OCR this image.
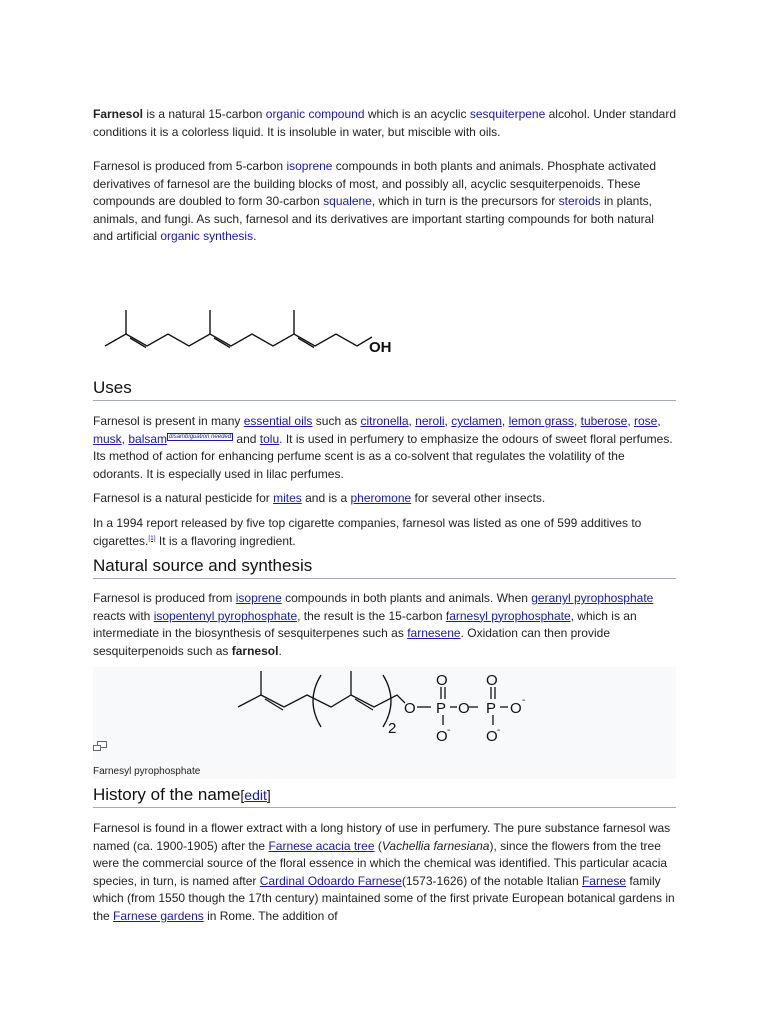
Farnesol is a natural 15-carbon organic compound which is an acyclic sesquiterpene alcohol. Under standard conditions it is a colorless liquid. It is insoluble in water, but miscible with oils.

Farnesol is produced from 5-carbon isoprene compounds in both plants and animals. Phosphate activated derivatives of farnesol are the building blocks of most, and possibly all, acyclic sesquiterpenoids. These compounds are doubled to form 30-carbon squalene, which in turn is the precursors for steroids in plants, animals, and fungi. As such, farnesol and its derivatives are important starting compounds for both natural and artificial organic synthesis.

OH
Uses

Farnesol is present in many essential oils such as citronella, neroli, cyclamen, lemon grass, tuberose, rose, musk, balsam $^{disambiguation needed}$ and tolu. It is used in perfumery to emphasize the odours of sweet floral perfumes. Its method of action for enhancing perfume scent is as a co-solvent that regulates the volatility of the odorants. It is especially used in lilac perfumes.

Farnesol is a natural pesticide for mites and is a pheromone for several other insects.

In a 1994 report released by five top cigarette companies, farnesol was listed as one of 599 additives to cigarettes.[1] It is a flavoring ingredient.

Natural source and synthesis

Farnesol is produced from isoprene compounds in both plants and animals. When geranyl pyrophosphate reacts with isopentenyl pyrophosphate, the result is the 15-carbon farnesyl pyrophosphate, which is an intermediate in the biosynthesis of sesquiterpenes such as farnesene. Oxidation can then provide sesquiterpenoids such as farnesol.

O P
O
O -
O P
O
O -
O -
2
Farnesyl pyrophosphate
History of the name[edit]

Farnesol is found in a flower extract with a long history of use in perfumery. The pure substance farnesol was named (ca. 1900-1905) after the Farnese acacia tree (Vachellia farnesiana), since the flowers from the tree were the commercial source of the floral essence in which the chemical was identified. This particular acacia species, in turn, is named after Cardinal Odoardo Farnese(1573-1626) of the notable Italian Farnese family which (from 1550 though the 17th century) maintained some of the first private European botanical gardens in the Farnese gardens in Rome. The addition of
